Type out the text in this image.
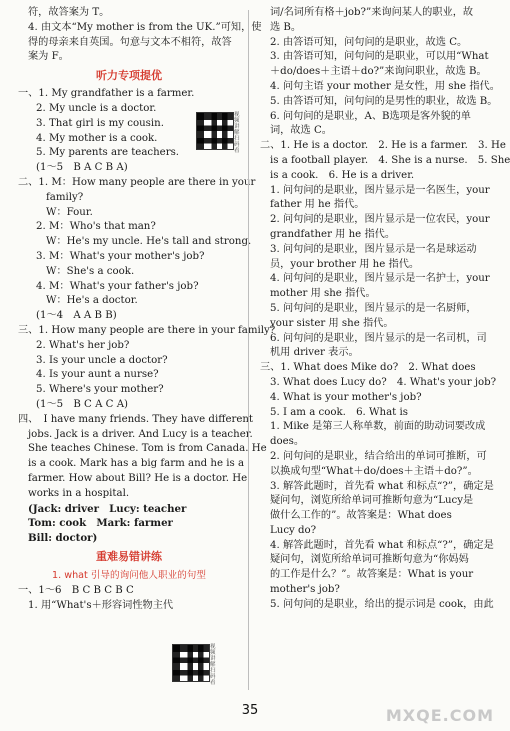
符，故答案为 T。
4. 由文本“My mother is from the UK.”可知，使
得的母亲来自英国。句意与文本不相符，故答
案为 F。
听力专项提优
一、1. My grandfather is a farmer.
2. My uncle is a doctor.
3. That girl is my cousin.
4. My mother is a cook.
5. My parents are teachers.
(1～5　B A C B A)
二、1. M：How many people are there in your
family?
W：Four.
2. M：Who's that man?
W：He's my uncle. He's tall and strong.
3. M：What's your mother's job?
W：She's a cook.
4. M：What's your father's job?
W：He's a doctor.
(1～4　A A B B)
三、1. How many people are there in your family?
2. What's her job?
3. Is your uncle a doctor?
4. Is your aunt a nurse?
5. Where's your mother?
(1～5　B C A C A)
四、　I have many friends. They have different
jobs. Jack is a driver. And Lucy is a teacher.
She teaches Chinese. Tom is from Canada. He
is a cook. Mark has a big farm and he is a
farmer. How about Bill? He is a doctor. He
works in a hospital.
(Jack: driver　Lucy: teacher
Tom: cook　Mark: farmer
Bill: doctor)
重难易错讲练
1. what 引导的询问他人职业的句型
一、1～6　B C B C B C
1. 用“What's＋形容词性物主代
视频讲解扫码看
视频讲解扫码看
词/名词所有格＋job?”来询问某人的职业，故
选 B。
2. 由答语可知，问句问的是职业，故选 C。
3. 由答语可知，问句问的是职业，可以用“What
＋do/does＋主语＋do?”来询问职业，故选 B。
4. 问句主语 your mother 是女性，用 she 指代。
5. 由答语可知，问句问的是男性的职业，故选 B。
6. 问句问的是职业，A、B选项是客外貌的单
词，故选 C。
二、1. He is a doctor.　2. He is a farmer.　3. He
is a football player.　4. She is a nurse.　5. She
is a cook.　6. He is a driver.
1. 问句问的是职业，图片显示是一名医生，your
father 用 he 指代。
2. 问句问的是职业，图片显示是一位农民，your
grandfather 用 he 指代。
3. 问句问的是职业，图片显示是一名是球运动
员，your brother 用 he 指代。
4. 问句问的是职业，图片显示是一名护士，your
mother 用 she 指代。
5. 问句问的是职业，图片显示的是一名厨师，
your sister 用 she 指代。
6. 问句问的是职业，图片显示的是一名司机，司
机用 driver 表示。
三、1. What does Mike do?　2. What does
3. What does Lucy do?　4. What's your job?
4. What is your mother's job?
5. I am a cook.　6. What is
1. Mike 是第三人称单数，前面的助动词要改成
does。
2. 问句问的是职业，结合给出的单词可推断，可
以换成句型“What＋do/does＋主语＋do?”。
3. 解答此题时，首先看 what 和标点“?”，确定是
疑问句，浏览所给单词可推断句意为“Lucy是
做什么工作的”。故答案是：What does
Lucy do?
4. 解答此题时，首先看 what 和标点“?”，确定是
疑问句，浏览所给单词可推断句意为“你妈妈
的工作是什么？”。故答案是：What is your
mother's job?
5. 问句问的是职业，给出的提示词是 cook，由此
35	MXQE.COM
